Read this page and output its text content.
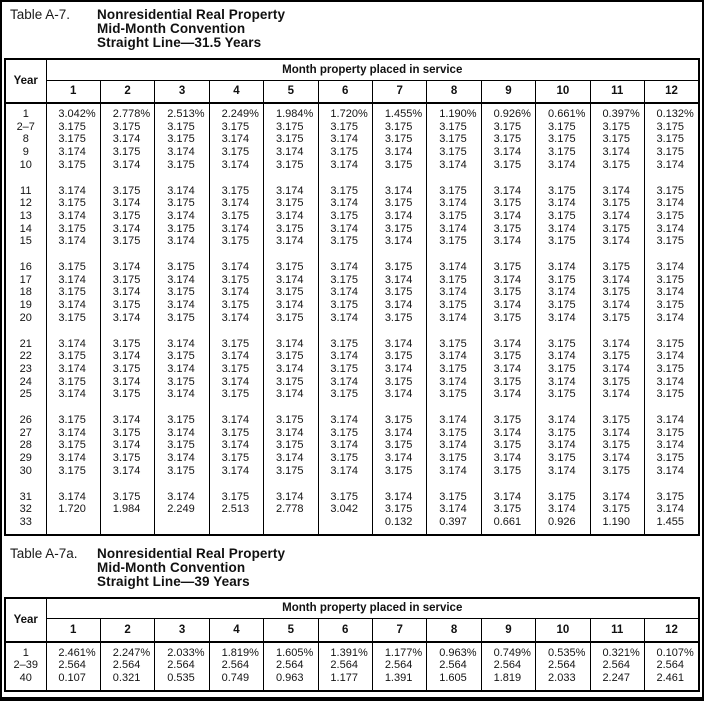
Table A-7.	Nonresidential Real Property
Mid-Month Convention
Straight Line—31.5 Years
Year	Month property placed in service											
	1	2	3	4	5	6	7	8	9	10	11	12
1	3.042%	2.778%	2.513%	2.249%	1.984%	1.720%	1.455%	1.190%	0.926%	0.661%	0.397%	0.132%
2–7	3.175	3.175	3.175	3.175	3.175	3.175	3.175	3.175	3.175	3.175	3.175	3.175
8	3.175	3.174	3.175	3.174	3.175	3.174	3.175	3.175	3.175	3.175	3.175	3.175
9	3.174	3.175	3.174	3.175	3.174	3.175	3.174	3.175	3.174	3.175	3.174	3.175
10	3.175	3.174	3.175	3.174	3.175	3.174	3.175	3.174	3.175	3.174	3.175	3.174

11	3.174	3.175	3.174	3.175	3.174	3.175	3.174	3.175	3.174	3.175	3.174	3.175
12	3.175	3.174	3.175	3.174	3.175	3.174	3.175	3.174	3.175	3.174	3.175	3.174
13	3.174	3.175	3.174	3.175	3.174	3.175	3.174	3.175	3.174	3.175	3.174	3.175
14	3.175	3.174	3.175	3.174	3.175	3.174	3.175	3.174	3.175	3.174	3.175	3.174
15	3.174	3.175	3.174	3.175	3.174	3.175	3.174	3.175	3.174	3.175	3.174	3.175

16	3.175	3.174	3.175	3.174	3.175	3.174	3.175	3.174	3.175	3.174	3.175	3.174
17	3.174	3.175	3.174	3.175	3.174	3.175	3.174	3.175	3.174	3.175	3.174	3.175
18	3.175	3.174	3.175	3.174	3.175	3.174	3.175	3.174	3.175	3.174	3.175	3.174
19	3.174	3.175	3.174	3.175	3.174	3.175	3.174	3.175	3.174	3.175	3.174	3.175
20	3.175	3.174	3.175	3.174	3.175	3.174	3.175	3.174	3.175	3.174	3.175	3.174

21	3.174	3.175	3.174	3.175	3.174	3.175	3.174	3.175	3.174	3.175	3.174	3.175
22	3.175	3.174	3.175	3.174	3.175	3.174	3.175	3.174	3.175	3.174	3.175	3.174
23	3.174	3.175	3.174	3.175	3.174	3.175	3.174	3.175	3.174	3.175	3.174	3.175
24	3.175	3.174	3.175	3.174	3.175	3.174	3.175	3.174	3.175	3.174	3.175	3.174
25	3.174	3.175	3.174	3.175	3.174	3.175	3.174	3.175	3.174	3.175	3.174	3.175

26	3.175	3.174	3.175	3.174	3.175	3.174	3.175	3.174	3.175	3.174	3.175	3.174
27	3.174	3.175	3.174	3.175	3.174	3.175	3.174	3.175	3.174	3.175	3.174	3.175
28	3.175	3.174	3.175	3.174	3.175	3.174	3.175	3.174	3.175	3.174	3.175	3.174
29	3.174	3.175	3.174	3.175	3.174	3.175	3.174	3.175	3.174	3.175	3.174	3.175
30	3.175	3.174	3.175	3.174	3.175	3.174	3.175	3.174	3.175	3.174	3.175	3.174

31	3.174	3.175	3.174	3.175	3.174	3.175	3.174	3.175	3.174	3.175	3.174	3.175
32	1.720	1.984	2.249	2.513	2.778	3.042	3.175	3.174	3.175	3.174	3.175	3.174
33							0.132	0.397	0.661	0.926	1.190	1.455
Table A-7a.	Nonresidential Real Property
Mid-Month Convention
Straight Line—39 Years
Year	Month property placed in service											
	1	2	3	4	5	6	7	8	9	10	11	12
1	2.461%	2.247%	2.033%	1.819%	1.605%	1.391%	1.177%	0.963%	0.749%	0.535%	0.321%	0.107%
2–39	2.564	2.564	2.564	2.564	2.564	2.564	2.564	2.564	2.564	2.564	2.564	2.564
40	0.107	0.321	0.535	0.749	0.963	1.177	1.391	1.605	1.819	2.033	2.247	2.461
